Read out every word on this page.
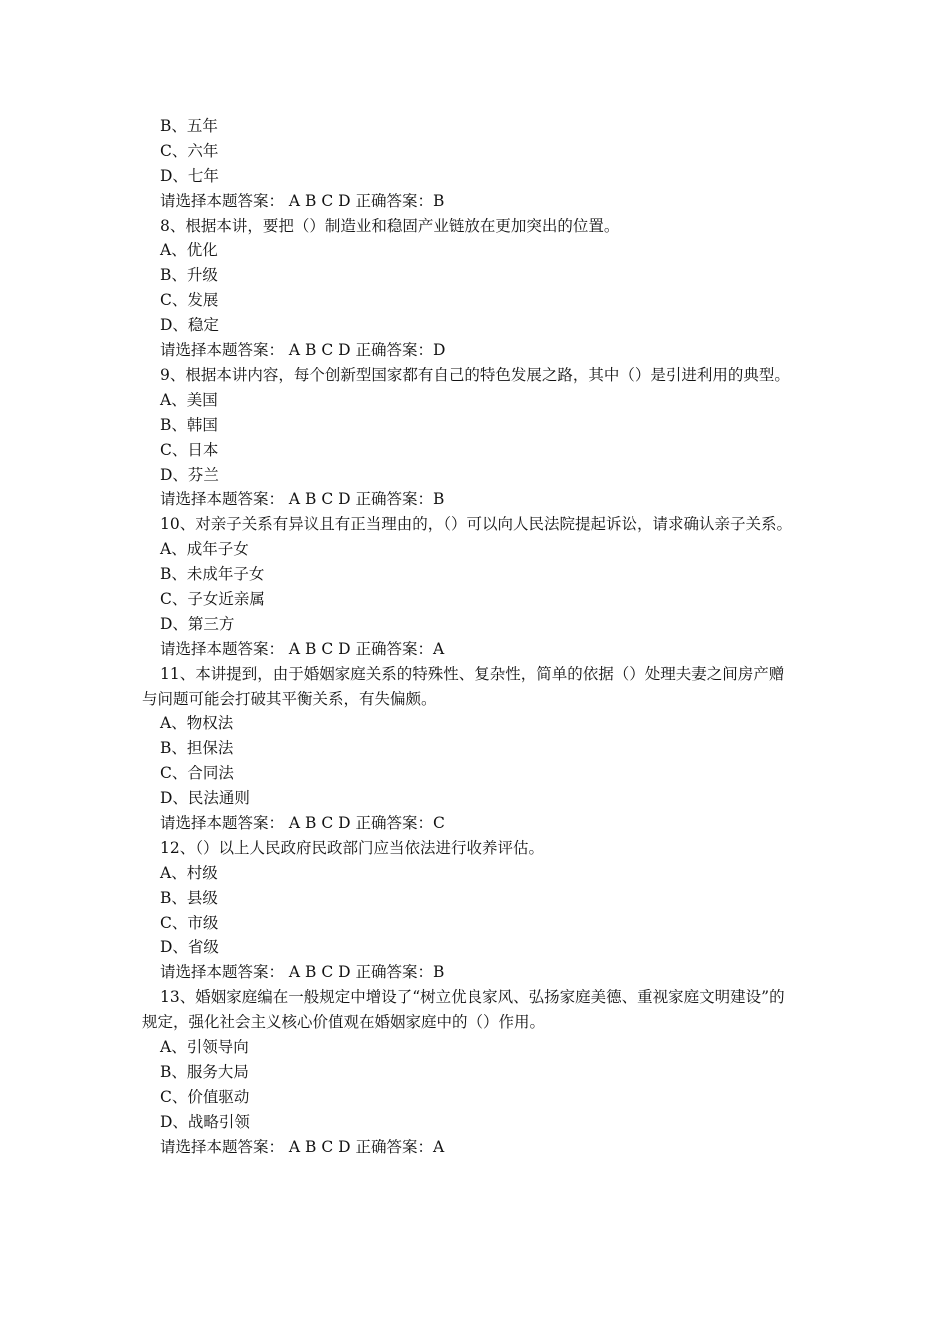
B、五年
C、六年
D、七年
请选择本题答案： A B C D 正确答案：B
8、根据本讲，要把（）制造业和稳固产业链放在更加突出的位置。
A、优化
B、升级
C、发展
D、稳定
请选择本题答案： A B C D 正确答案：D
9、根据本讲内容，每个创新型国家都有自己的特色发展之路，其中（）是引进利用的典型。
A、美国
B、韩国
C、日本
D、芬兰
请选择本题答案： A B C D 正确答案：B
10、对亲子关系有异议且有正当理由的，（）可以向人民法院提起诉讼，请求确认亲子关系。
A、成年子女
B、未成年子女
C、子女近亲属
D、第三方
请选择本题答案： A B C D 正确答案：A
11、本讲提到，由于婚姻家庭关系的特殊性、复杂性，简单的依据（）处理夫妻之间房产赠与问题可能会打破其平衡关系，有失偏颇。
A、物权法
B、担保法
C、合同法
D、民法通则
请选择本题答案： A B C D 正确答案：C
12、（）以上人民政府民政部门应当依法进行收养评估。
A、村级
B、县级
C、市级
D、省级
请选择本题答案： A B C D 正确答案：B
13、婚姻家庭编在一般规定中增设了“树立优良家风、弘扬家庭美德、重视家庭文明建设”的规定，强化社会主义核心价值观在婚姻家庭中的（）作用。
A、引领导向
B、服务大局
C、价值驱动
D、战略引领
请选择本题答案： A B C D 正确答案：A
